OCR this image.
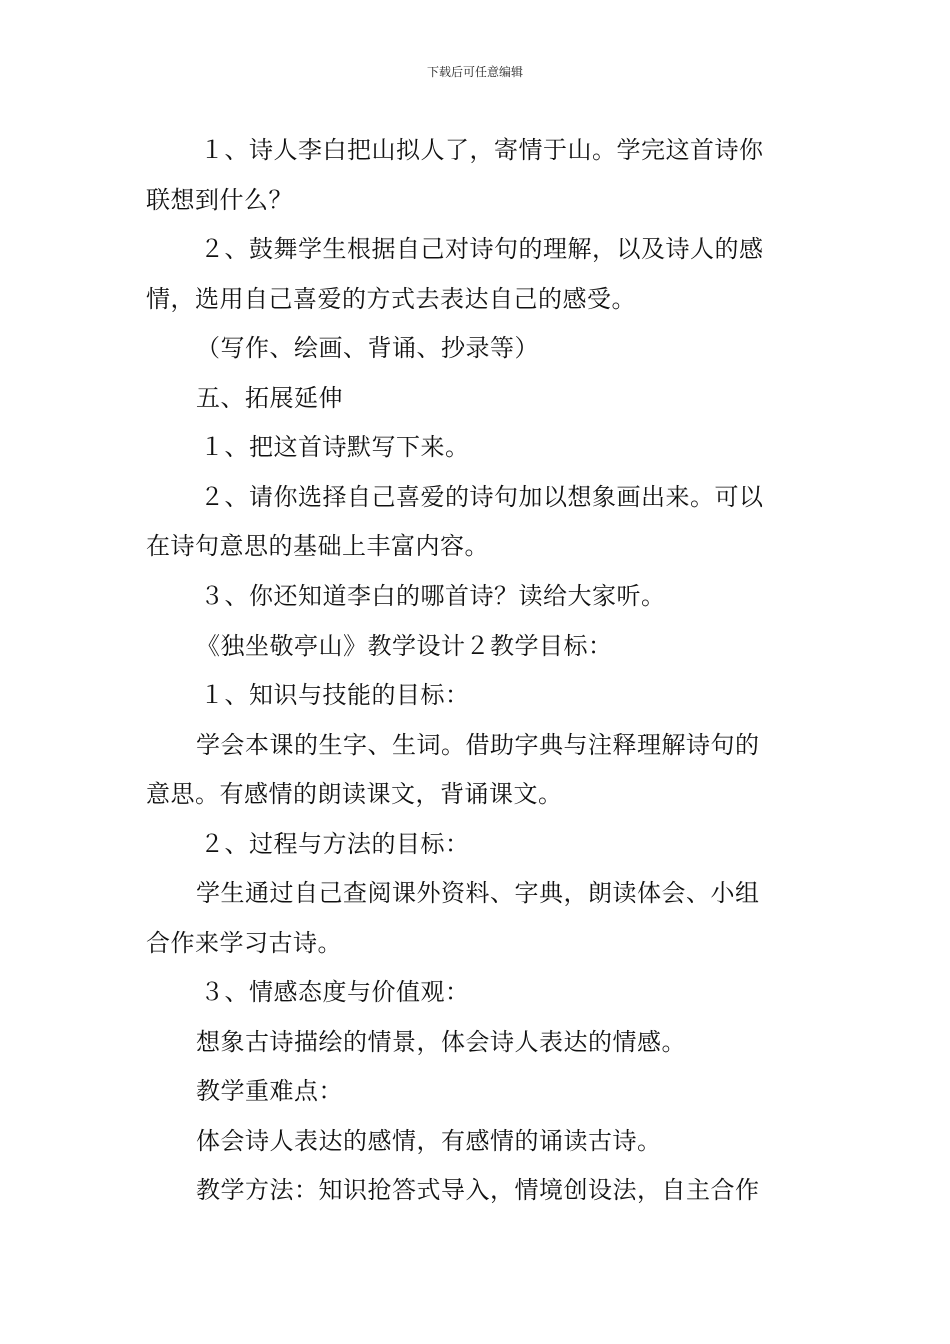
下载后可任意编辑
１、诗人李白把山拟人了，寄情于山。学完这首诗你
联想到什么？
２、鼓舞学生根据自己对诗句的理解，以及诗人的感
情，选用自己喜爱的方式去表达自己的感受。
（写作、绘画、背诵、抄录等）
五、拓展延伸
１、把这首诗默写下来。
２、请你选择自己喜爱的诗句加以想象画出来。可以
在诗句意思的基础上丰富内容。
３、你还知道李白的哪首诗？读给大家听。
《独坐敬亭山》教学设计２教学目标：
１、知识与技能的目标：
学会本课的生字、生词。借助字典与注释理解诗句的
意思。有感情的朗读课文，背诵课文。
２、过程与方法的目标：
学生通过自己查阅课外资料、字典，朗读体会、小组
合作来学习古诗。
３、情感态度与价值观：
想象古诗描绘的情景，体会诗人表达的情感。
教学重难点：
体会诗人表达的感情，有感情的诵读古诗。
教学方法：知识抢答式导入，情境创设法，自主合作
